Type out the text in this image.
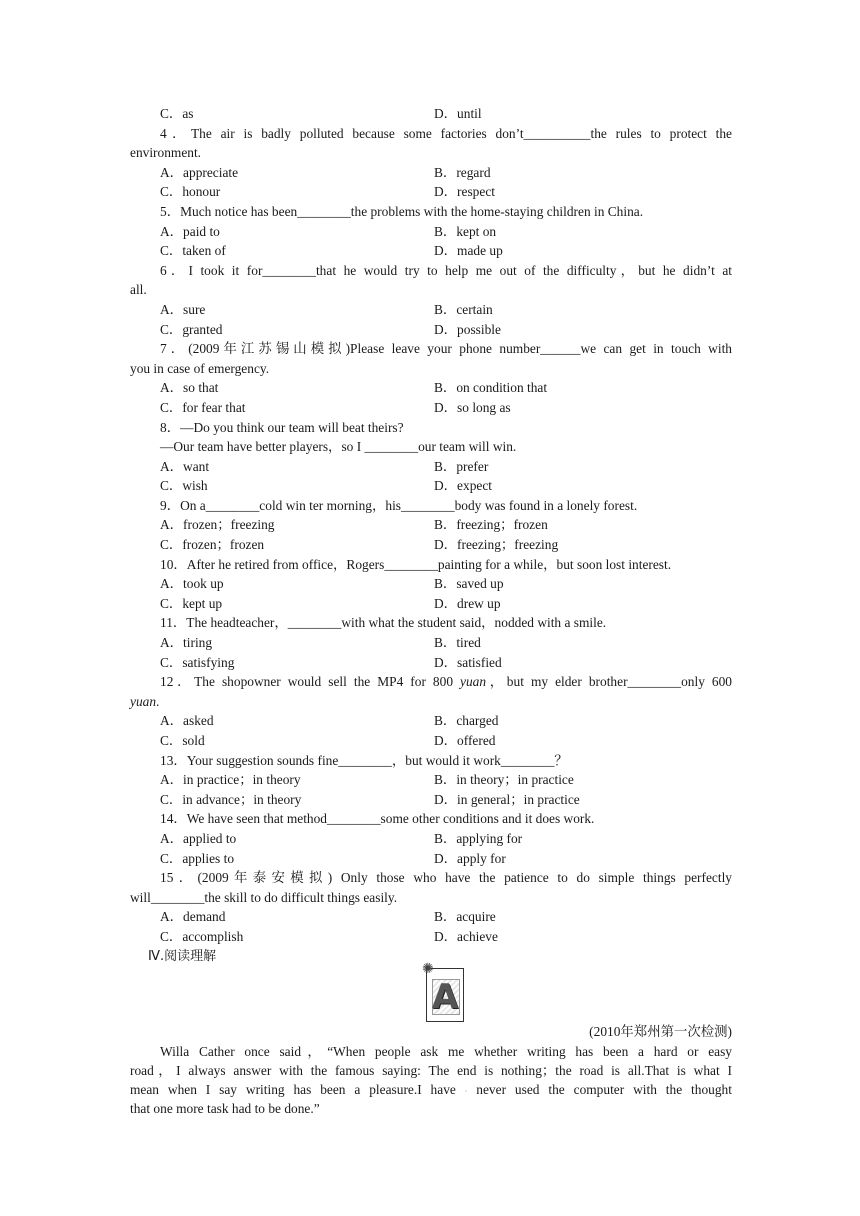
C．as	D．until
4．The air is badly polluted because some factories don’t__________the rules to protect the
environment.
A．appreciate	B．regard
C．honour	D．respect
5．Much notice has been________the problems with the home-staying children in China.
A．paid to	B．kept on
C．taken of	D．made up
6．I took it for________that he would try to help me out of the difficulty，but he didn’t at
all.
A．sure	B．certain
C．granted	D．possible
7．(2009年江苏锡山模拟)Please leave your phone number______we can get in touch with
you in case of emergency.
A．so that	B．on condition that
C．for fear that	D．so long as
8．—Do you think our team will beat theirs?
—Our team have better players，so I ________our team will win.
A．want	B．prefer
C．wish	D．expect
9．On a________cold win ter morning，his________body was found in a lonely forest.
A．frozen；freezing	B．freezing；frozen
C．frozen；frozen	D．freezing；freezing
10．After he retired from office，Rogers________painting for a while，but soon lost interest.
A．took up	B．saved up
C．kept up	D．drew up
11．The headteacher，________with what the student said，nodded with a smile.
A．tiring	B．tired
C．satisfying	D．satisfied
12．The shopowner would sell the MP4 for 800 yuan，but my elder brother________only 600
yuan.
A．asked	B．charged
C．sold	D．offered
13．Your suggestion sounds fine________，but would it work________？
A．in practice；in theory	B．in theory；in practice
C．in advance；in theory	D．in general；in practice
14．We have seen that method________some other conditions and it does work.
A．applied to	B．applying for
C．applies to	D．apply for
15．(2009年泰安模拟) Only those who have the patience to do simple things perfectly
will________the skill to do difficult things easily.
A．demand	B．acquire
C．accomplish	D．achieve
Ⅳ.阅读理解
✺
A
(2010年郑州第一次检测)
Willa Cather once said，“When people ask me whether writing has been a hard or easy
road，I always answer with the famous saying: The end is nothing；the road is all.That is what I
mean when I say writing has been a pleasure.I have 。never used the computer with the thought
that one more task had to be done.”
